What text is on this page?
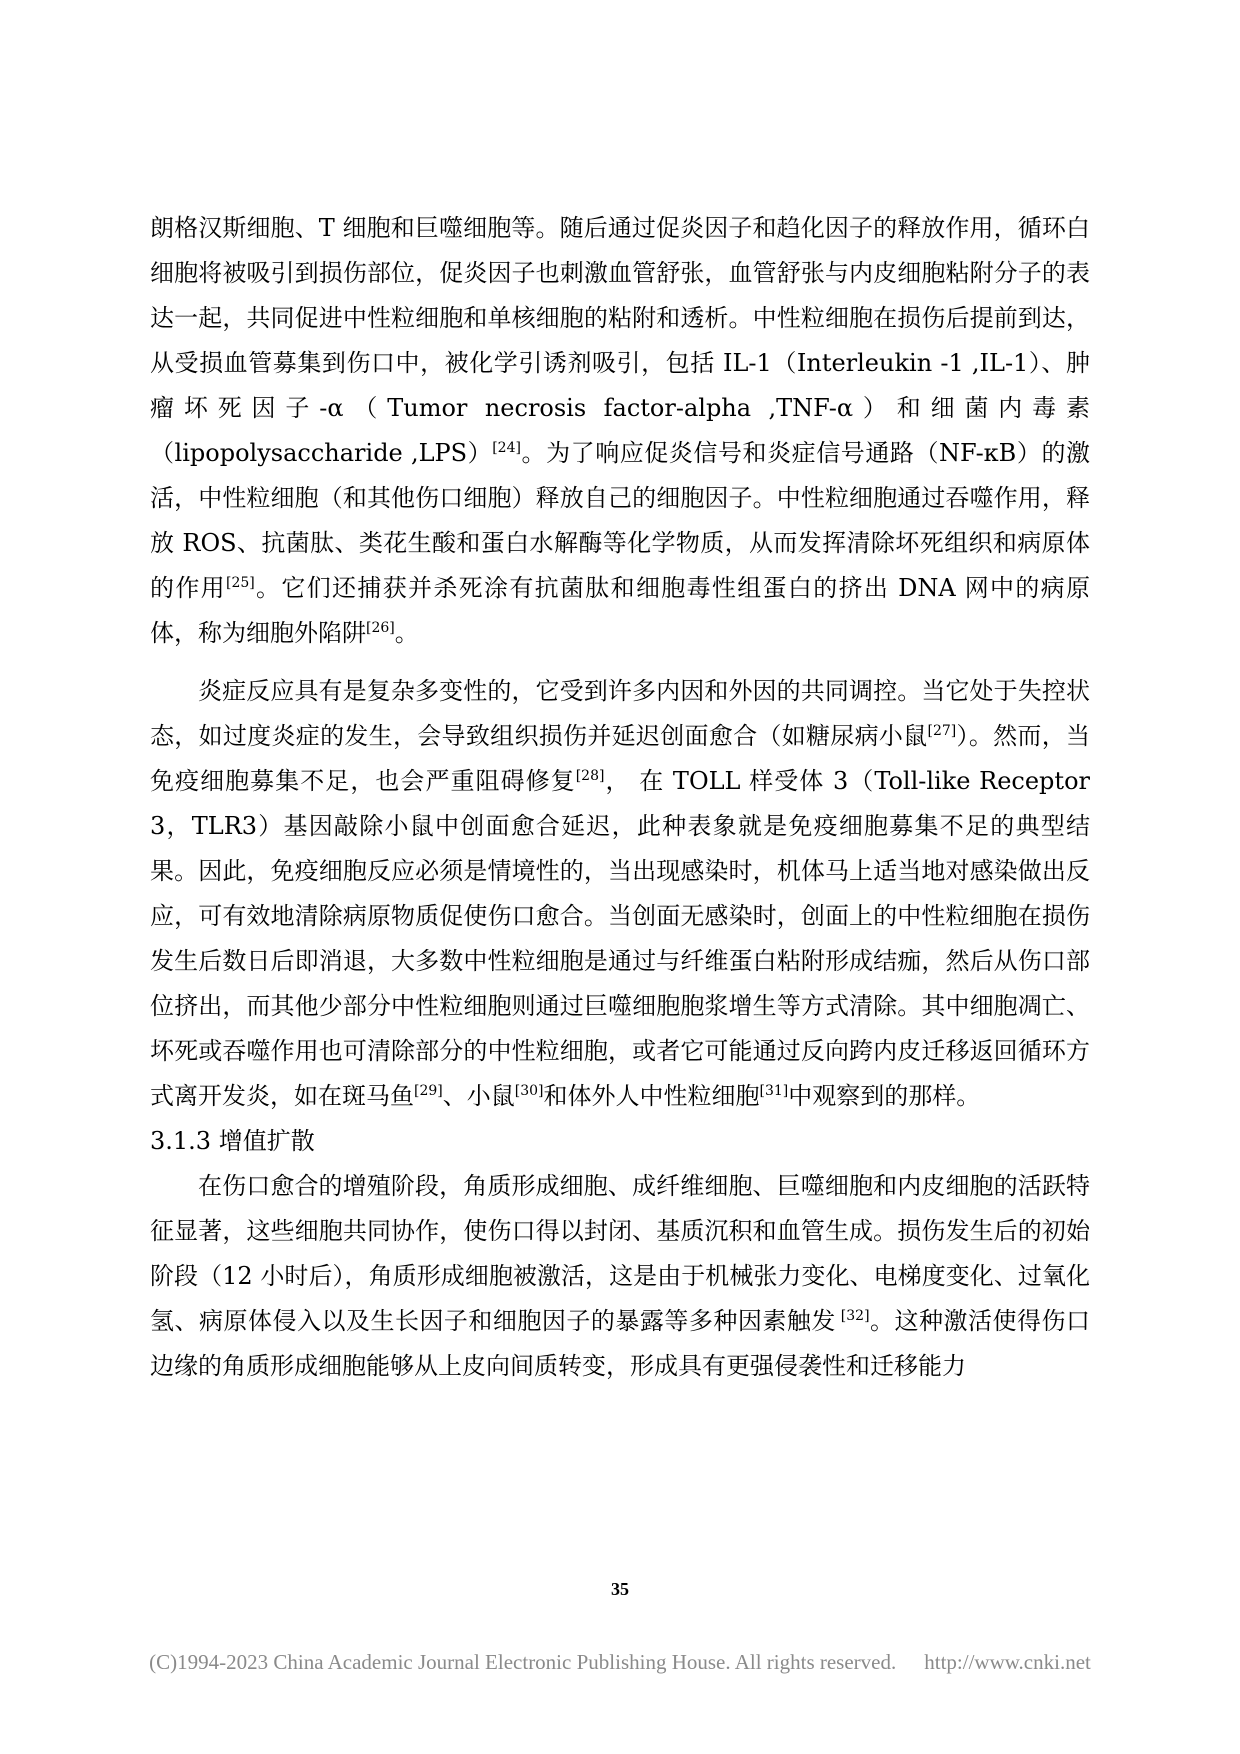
朗格汉斯细胞、T 细胞和巨噬细胞等。随后通过促炎因子和趋化因子的释放作用，循环白细胞将被吸引到损伤部位，促炎因子也刺激血管舒张，血管舒张与内皮细胞粘附分子的表达一起，共同促进中性粒细胞和单核细胞的粘附和透析。中性粒细胞在损伤后提前到达，从受损血管募集到伤口中，被化学引诱剂吸引，包括 IL-1（Interleukin -1 ,IL-1）、肿瘤坏死因子-α（Tumor necrosis factor-alpha ,TNF-α）和细菌内毒素（lipopolysaccharide ,LPS）[24]。为了响应促炎信号和炎症信号通路（NF-κB）的激活，中性粒细胞（和其他伤口细胞）释放自己的细胞因子。中性粒细胞通过吞噬作用，释放 ROS、抗菌肽、类花生酸和蛋白水解酶等化学物质，从而发挥清除坏死组织和病原体的作用[25]。它们还捕获并杀死涂有抗菌肽和细胞毒性组蛋白的挤出 DNA 网中的病原体，称为细胞外陷阱[26]。

炎症反应具有是复杂多变性的，它受到许多内因和外因的共同调控。当它处于失控状态，如过度炎症的发生，会导致组织损伤并延迟创面愈合（如糖尿病小鼠[27]）。然而，当免疫细胞募集不足，也会严重阻碍修复[28]， 在 TOLL 样受体 3（Toll-like Receptor 3，TLR3）基因敲除小鼠中创面愈合延迟，此种表象就是免疫细胞募集不足的典型结果。因此，免疫细胞反应必须是情境性的，当出现感染时，机体马上适当地对感染做出反应，可有效地清除病原物质促使伤口愈合。当创面无感染时，创面上的中性粒细胞在损伤发生后数日后即消退，大多数中性粒细胞是通过与纤维蛋白粘附形成结痂，然后从伤口部位挤出，而其他少部分中性粒细胞则通过巨噬细胞胞浆增生等方式清除。其中细胞凋亡、坏死或吞噬作用也可清除部分的中性粒细胞，或者它可能通过反向跨内皮迁移返回循环方式离开发炎，如在斑马鱼[29]、小鼠[30]和体外人中性粒细胞[31]中观察到的那样。

3.1.3 增值扩散

在伤口愈合的增殖阶段，角质形成细胞、成纤维细胞、巨噬细胞和内皮细胞的活跃特征显著，这些细胞共同协作，使伤口得以封闭、基质沉积和血管生成。损伤发生后的初始阶段（12 小时后），角质形成细胞被激活，这是由于机械张力变化、电梯度变化、过氧化氢、病原体侵入以及生长因子和细胞因子的暴露等多种因素触发 [32]。这种激活使得伤口边缘的角质形成细胞能够从上皮向间质转变，形成具有更强侵袭性和迁移能力

35
(C)1994-2023 China Academic Journal Electronic Publishing House. All rights reserved. http://www.cnki.net
